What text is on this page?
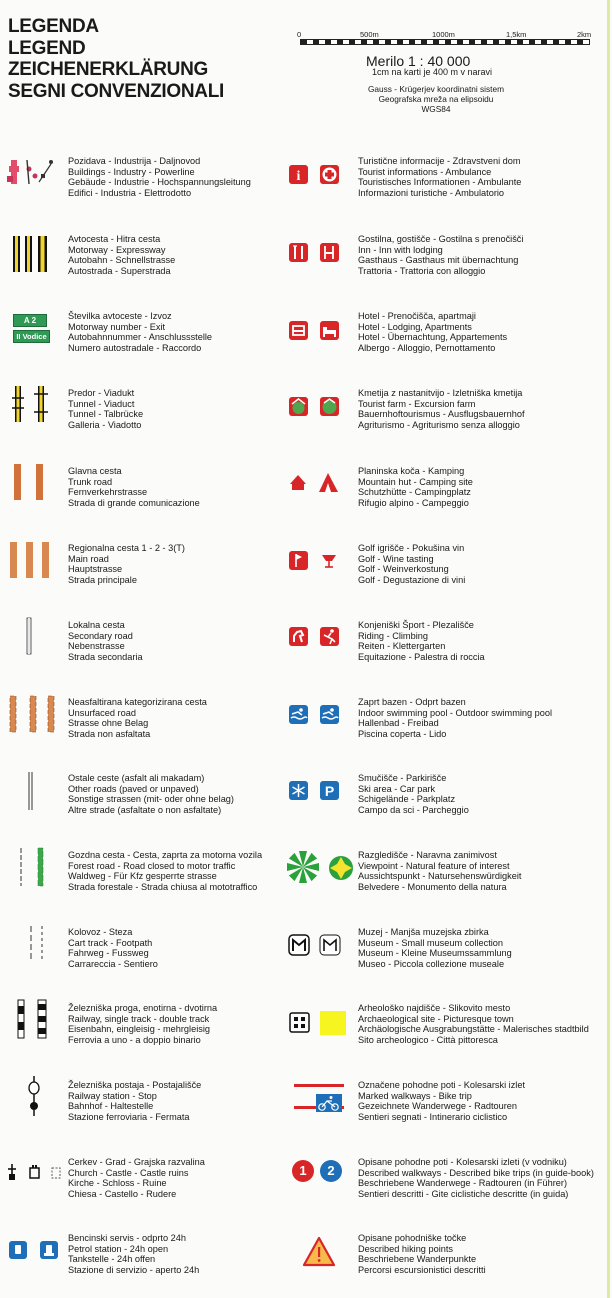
LEGENDA
LEGEND
ZEICHENERKLÄRUNG
SEGNI CONVENZIONALI
0	500m	1000m	1,5km	2km
Merilo 1 : 40 000
1cm na karti je 400 m v naravi
Gauss - Krügerjev koordinatni sistem
Geografska mreža na elipsoidu WGS84
A 2
II Vodice
i
P
1	2
Pozidava - Industrija - Daljnovod
Buildings - Industry - Powerline
Gebäude - Industrie - Hochspannungsleitung
Edifici - Industria - Elettrodotto
Avtocesta - Hitra cesta
Motorway - Expressway
Autobahn - Schnellstrasse
Autostrada - Superstrada
Številka avtoceste - Izvoz
Motorway number - Exit
Autobahnnummer - Anschlussstelle
Numero autostradale - Raccordo
Predor - Viadukt
Tunnel - Viaduct
Tunnel - Talbrücke
Galleria - Viadotto
Glavna cesta
Trunk road
Fernverkehrstrasse
Strada di grande comunicazione
Regionalna cesta 1 - 2 - 3(T)
Main road
Hauptstrasse
Strada principale
Lokalna cesta
Secondary road
Nebenstrasse
Strada secondaria
Neasfaltirana kategorizirana cesta
Unsurfaced road
Strasse ohne Belag
Strada non asfaltata
Ostale ceste (asfalt ali makadam)
Other roads (paved or unpaved)
Sonstige strassen (mit- oder ohne belag)
Altre strade (asfaltate o non asfaltate)
Gozdna cesta - Cesta, zaprta za motorna vozila
Forest road - Road closed to motor traffic
Waldweg - Für Kfz gesperrte strasse
Strada forestale - Strada chiusa al mototraffico
Kolovoz - Steza
Cart track - Footpath
Fahrweg - Fussweg
Carrareccia - Sentiero
Železniška proga, enotirna - dvotirna
Railway, single track - double track
Eisenbahn, eingleisig - mehrgleisig
Ferrovia a uno - a doppio binario
Železniška postaja - Postajališče
Railway station - Stop
Bahnhof - Haltestelle
Stazione ferroviaria - Fermata
Cerkev - Grad - Grajska razvalina
Church - Castle - Castle ruins
Kirche - Schloss - Ruine
Chiesa - Castello - Rudere
Bencinski servis - odprto 24h
Petrol station - 24h open
Tankstelle - 24h offen
Stazione di servizio - aperto 24h
Turistične informacije - Zdravstveni dom
Tourist informations - Ambulance
Touristisches Informationen - Ambulante
Informazioni turistiche - Ambulatorio
Gostilna, gostišče - Gostilna s prenočišči
Inn - Inn with lodging
Gasthaus - Gasthaus mit übernachtung
Trattoria - Trattoria con alloggio
Hotel - Prenočišča, apartmaji
Hotel - Lodging, Apartments
Hotel - Übernachtung, Appartements
Albergo - Alloggio, Pernottamento
Kmetija z nastanitvijo - Izletniška kmetija
Tourist farm - Excursion farm
Bauernhoftourismus - Ausflugsbauernhof
Agriturismo - Agriturismo senza alloggio
Planinska koča - Kamping
Mountain hut - Camping site
Schutzhütte - Campingplatz
Rifugio alpino - Campeggio
Golf igrišče - Pokušina vin
Golf - Wine tasting
Golf - Weinverkostung
Golf - Degustazione di vini
Konjeniški Šport - Plezališče
Riding - Climbing
Reiten - Klettergarten
Equitazione - Palestra di roccia
Zaprt bazen - Odprt bazen
Indoor swimming pool - Outdoor swimming pool
Hallenbad - Freibad
Piscina coperta - Lido
Smučišče - Parkirišče
Ski area - Car park
Schigelände - Parkplatz
Campo da sci - Parcheggio
Razgledišče - Naravna zanimivost
Viewpoint - Natural feature of interest
Aussichtspunkt - Natursehenswürdigkeit
Belvedere - Monumento della natura
Muzej - Manjša muzejska zbirka
Museum - Small museum collection
Museum - Kleine Museumssammlung
Museo - Piccola collezione museale
Arheološko najdišče - Slikovito mesto
Archaeological site - Picturesque town
Archäologische Ausgrabungstätte - Malerisches stadtbild
Sito archeologico - Città pittoresca
Označene pohodne poti - Kolesarski izlet
Marked walkways - Bike trip
Gezeichnete Wanderwege - Radtouren
Sentieri segnati - Intinerario ciclistico
Opisane pohodne poti - Kolesarski izleti (v vodniku)
Described walkways - Described bike trips (in guide-book)
Beschriebene Wanderwege - Radtouren (in Führer)
Sentieri descritti - Gite ciclistiche descritte (in guida)
Opisane pohodniške točke
Described hiking points
Beschriebene Wanderpunkte
Percorsi escursionistici descritti
